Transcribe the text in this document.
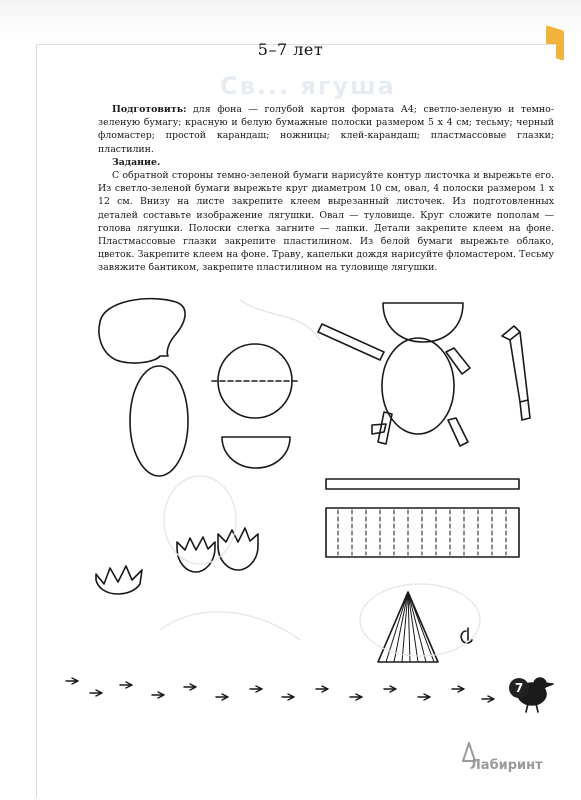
Св... ягуша
5–7 лет

Подготовить: для фона — голубой картон формата А4; светло-зеленую и темно-зеленую бумагу; красную и белую бумажные полоски размером 5 х 4 см; тесьму; черный фломастер; простой карандаш; ножницы; клей-карандаш; пластмассовые глазки; пластилин.

Задание.

С обратной стороны темно-зеленой бумаги нарисуйте контур листочка и вырежьте его. Из светло-зеленой бумаги вырежьте круг диаметром 10 см, овал, 4 полоски размером 1 х 12 см. Внизу на листе закрепите клеем вырезанный листочек. Из подготовленных деталей составьте изображение лягушки. Овал — туловище. Круг сложите пополам — голова лягушки. Полоски слегка загните — лапки. Детали закрепите клеем на фоне. Пластмассовые глазки закрепите пластилином. Из белой бумаги вырежьте облако, цветок. Закрепите клеем на фоне. Траву, капельки дождя нарисуйте фломастером. Тесьму завяжите бантиком, закрепите пластилином на туловище лягушки.

7
Лабиринт
